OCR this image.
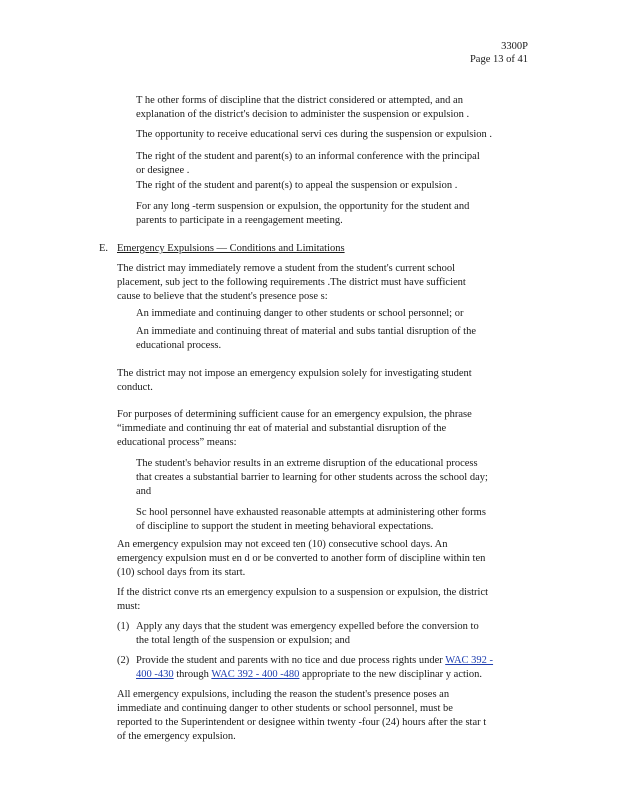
3300P
Page 13 of 41
T he other forms of discipline that the district considered or attempted, and an
explanation of the district's decision to administer the suspension or expulsion .
The opportunity to receive educational servi ces during the suspension or expulsion .
The right of the student and parent(s) to an informal conference with the principal
or designee .
The right of the student and parent(s) to appeal the suspension or expulsion .
For any long -term suspension or expulsion, the opportunity for the student and
parents to participate in a reengagement meeting.
E. Emergency Expulsions — Conditions and Limitations
The district may immediately remove a student from the student's current school
placement, sub ject to the following requirements .The district must have sufficient
cause to believe that the student's presence pose s:
An immediate and continuing danger to other students or school personnel; or
An immediate and continuing threat of material and subs tantial disruption of the
educational process.
The district may not impose an emergency expulsion solely for investigating student
conduct.
For purposes of determining sufficient cause for an emergency expulsion, the phrase
“immediate and continuing thr eat of material and substantial disruption of the
educational process” means:
The student's behavior results in an extreme disruption of the educational process
that creates a substantial barrier to learning for other students across the school day;
and
Sc hool personnel have exhausted reasonable attempts at administering other forms
of discipline to support the student in meeting behavioral expectations.
An emergency expulsion may not exceed ten (10) consecutive school days. An
emergency expulsion must en d or be converted to another form of discipline within ten
(10) school days from its start.
If the district conve rts an emergency expulsion to a suspension or expulsion, the district
must:
(1) Apply any days that the student was emergency expelled before the conversion to
the total length of the suspension or expulsion; and
(2) Provide the student and parents with no tice and due process rights under WAC 392 -
400 -430 through WAC 392 - 400 -480 appropriate to the new disciplinar y action.
All emergency expulsions, including the reason the student's presence poses an
immediate and continuing danger to other students or school personnel, must be
reported to the Superintendent or designee within twenty -four (24) hours after the star t
of the emergency expulsion.
